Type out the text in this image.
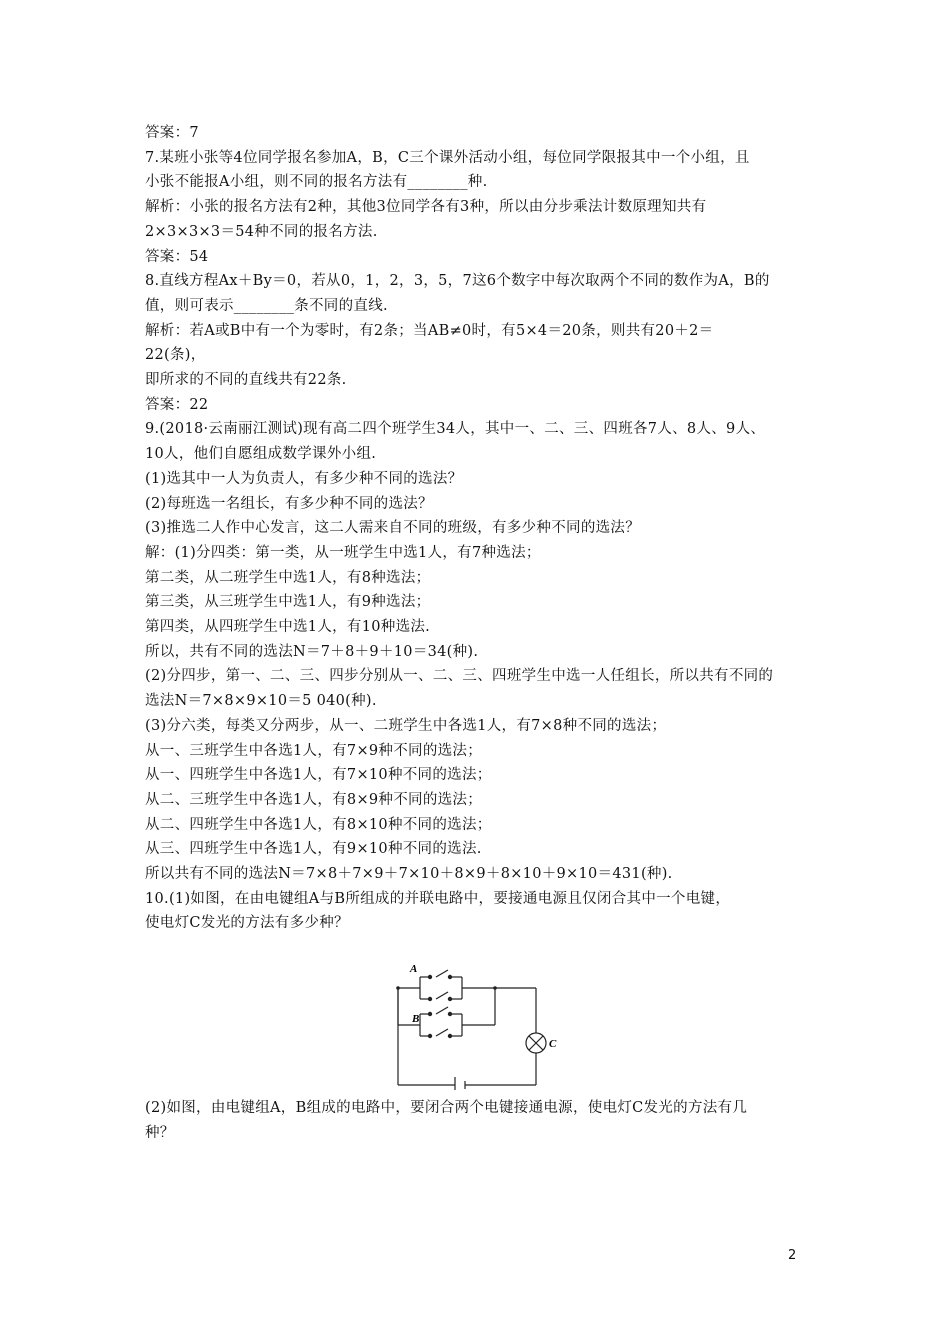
答案：7
7.某班小张等4位同学报名参加A，B，C三个课外活动小组，每位同学限报其中一个小组，且
小张不能报A小组，则不同的报名方法有________种.
解析：小张的报名方法有2种，其他3位同学各有3种，所以由分步乘法计数原理知共有
2×3×3×3＝54种不同的报名方法.
答案：54
8.直线方程Ax＋By＝0，若从0，1，2，3，5，7这6个数字中每次取两个不同的数作为A，B的
值，则可表示________条不同的直线.
解析：若A或B中有一个为零时，有2条；当AB≠0时，有5×4＝20条，则共有20＋2＝
22(条)，
即所求的不同的直线共有22条.
答案：22
9.(2018·云南丽江测试)现有高二四个班学生34人，其中一、二、三、四班各7人、8人、9人、
10人，他们自愿组成数学课外小组.
(1)选其中一人为负责人，有多少种不同的选法？
(2)每班选一名组长，有多少种不同的选法？
(3)推选二人作中心发言，这二人需来自不同的班级，有多少种不同的选法？
解：(1)分四类：第一类，从一班学生中选1人，有7种选法；
第二类，从二班学生中选1人，有8种选法；
第三类，从三班学生中选1人，有9种选法；
第四类，从四班学生中选1人，有10种选法.
所以，共有不同的选法N＝7＋8＋9＋10＝34(种).
(2)分四步，第一、二、三、四步分别从一、二、三、四班学生中选一人任组长，所以共有不同的
选法N＝7×8×9×10＝5 040(种).
(3)分六类，每类又分两步，从一、二班学生中各选1人，有7×8种不同的选法；
从一、三班学生中各选1人，有7×9种不同的选法；
从一、四班学生中各选1人，有7×10种不同的选法；
从二、三班学生中各选1人，有8×9种不同的选法；
从二、四班学生中各选1人，有8×10种不同的选法；
从三、四班学生中各选1人，有9×10种不同的选法.
所以共有不同的选法N＝7×8＋7×9＋7×10＋8×9＋8×10＋9×10＝431(种).
10.(1)如图，在由电键组A与B所组成的并联电路中，要接通电源且仅闭合其中一个电键，
使电灯C发光的方法有多少种？
(2)如图，由电键组A，B组成的电路中，要闭合两个电键接通电源，使电灯C发光的方法有几
种？
A
B
C
2
